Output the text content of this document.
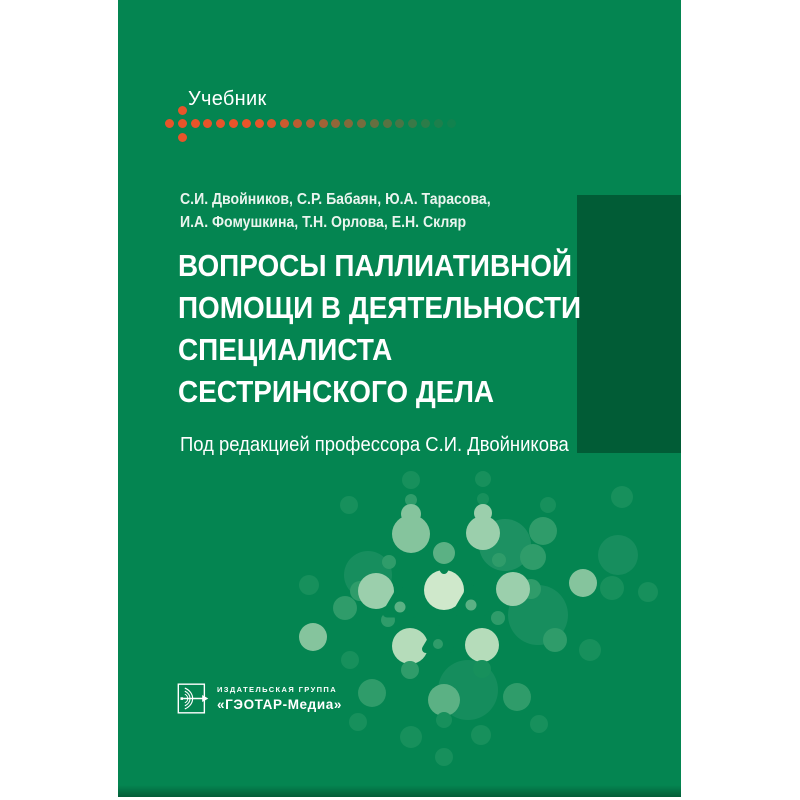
Учебник
С.И. Двойников, С.Р. Бабаян, Ю.А. Тарасова,
И.А. Фомушкина, Т.Н. Орлова, Е.Н. Скляр
ВОПРОСЫ ПАЛЛИАТИВНОЙ
ПОМОЩИ В ДЕЯТЕЛЬНОСТИ
СПЕЦИАЛИСТА
СЕСТРИНСКОГО ДЕЛА
Под редакцией профессора С.И. Двойникова
ИЗДАТЕЛЬСКАЯ ГРУППА
«ГЭОТАР-Медиа»
